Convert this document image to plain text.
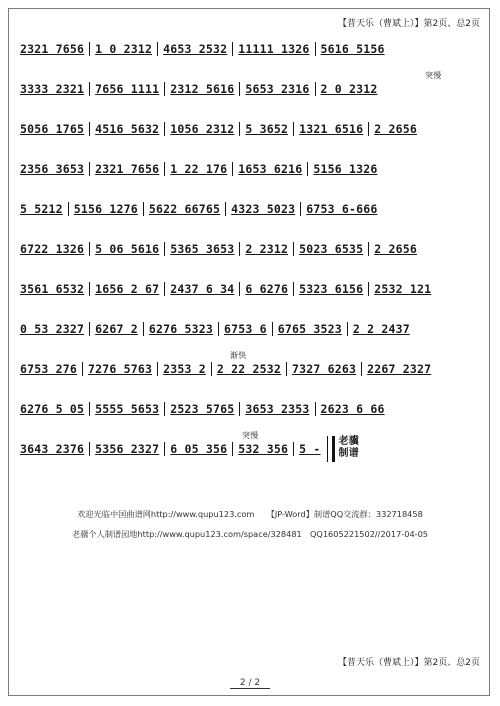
【普天乐（曹斌上）】第2页、总2页
2321 7656 1 0 2312 4653 2532 11111 1326 5616 5156
3333 2321 7656 1111 2312 5616 5653 2316 2 0 2312
突慢
5056 1765 4516 5632 1056 2312 5 3652 1321 6516 2 2656
2356 3653 2321 7656 1 22 176 1653 6216 5156 1326
5 5212 5156 1276 5622 66765 4323 5023 6753 6-666
6722 1326 5 06 5616 5365 3653 2 2312 5023 6535 2 2656
3561 6532 1656 2 67 2437 6 34 6 6276 5323 6156 2532 121
0 53 2327 6267 2 6276 5323 6753 6 6765 3523 2 2 2437
6753 276 7276 5763 2353 2 2 22 2532 7327 6263 2267 2327
渐快
6276 5 05 5555 5653 2523 5765 3653 2353 2623 6 66
3643 2376 5356 2327 6 05 356 532 356 5 -
老骥
制谱
突慢
欢迎光临中国曲谱网http://www.qupu123.com　　【JP-Word】制谱QQ交流群：332718458
老骥个人制谱园地http://www.qupu123.com/space/328481　QQ1605221502//2017-04-05
【普天乐（曹斌上）】第2页、总2页
2 / 2
